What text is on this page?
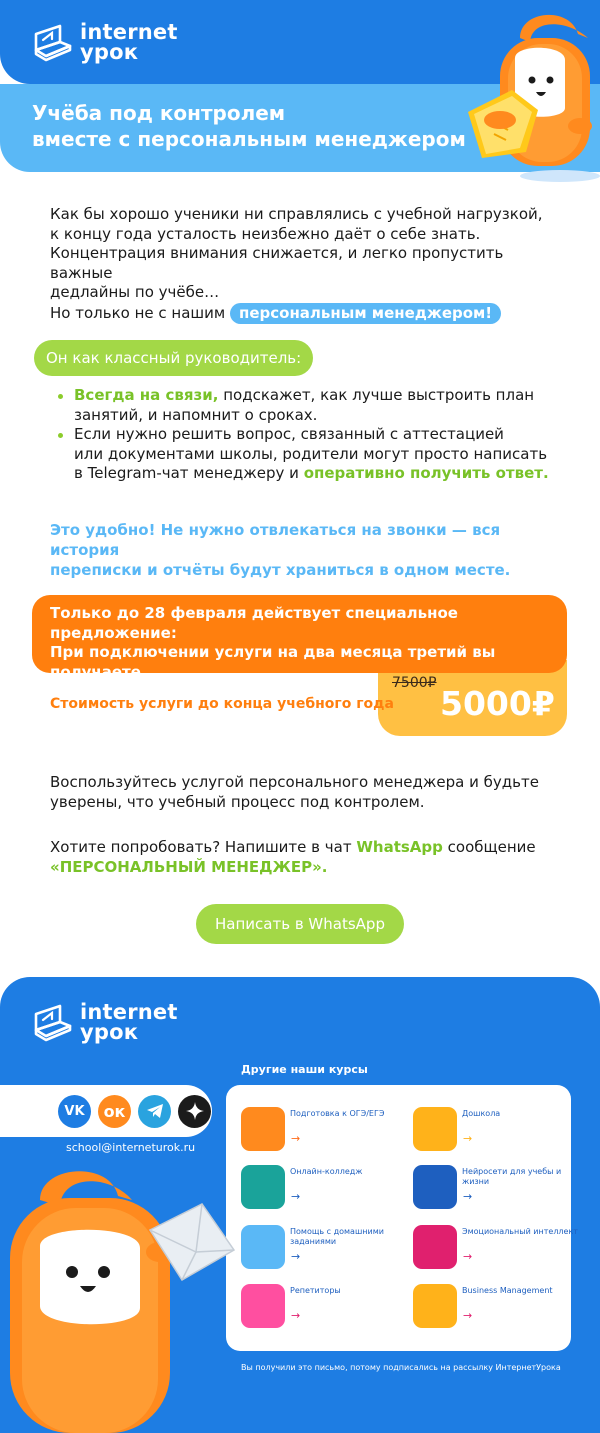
internet
урок
Учёба под контролем
вместе с персональным менеджером
Как бы хорошо ученики ни справлялись с учебной нагрузкой,
к концу года усталость неизбежно даёт о себе знать.
Концентрация внимания снижается, и легко пропустить важные
дедлайны по учёбе…
Но только не с нашим персональным менеджером!
Он как классный руководитель:
Всегда на связи, подскажет, как лучше выстроить план
занятий, и напомнит о сроках.
Если нужно решить вопрос, связанный с аттестацией
или документами школы, родители могут просто написать
в Telegram-чат менеджеру и оперативно получить ответ.
Это удобно! Не нужно отвлекаться на звонки — вся история
переписки и отчёты будут храниться в одном месте.
Только до 28 февраля действует специальное предложение:
При подключении услуги на два месяца третий вы получаете
бесплатно!	7500₽
5000₽
Стоимость услуги до конца учебного года
Воспользуйтесь услугой персонального менеджера и будьте
уверены, что учебный процесс под контролем.
Хотите попробовать? Напишите в чат WhatsApp сообщение
«ПЕРСОНАЛЬНЫЙ МЕНЕДЖЕР».
Написать в WhatsApp
internet
урок
Другие наши курсы
VK	ок
school@interneturok.ru
Подготовка к ОГЭ/ЕГЭ
→
Дошкола
→
Онлайн-колледж
→
Нейросети для учебы и жизни
→
Помощь с домашними заданиями
→
Эмоциональный интеллект
→
Репетиторы
→
Business Management
→
Вы получили это письмо, потому подписались на рассылку ИнтернетУрока
